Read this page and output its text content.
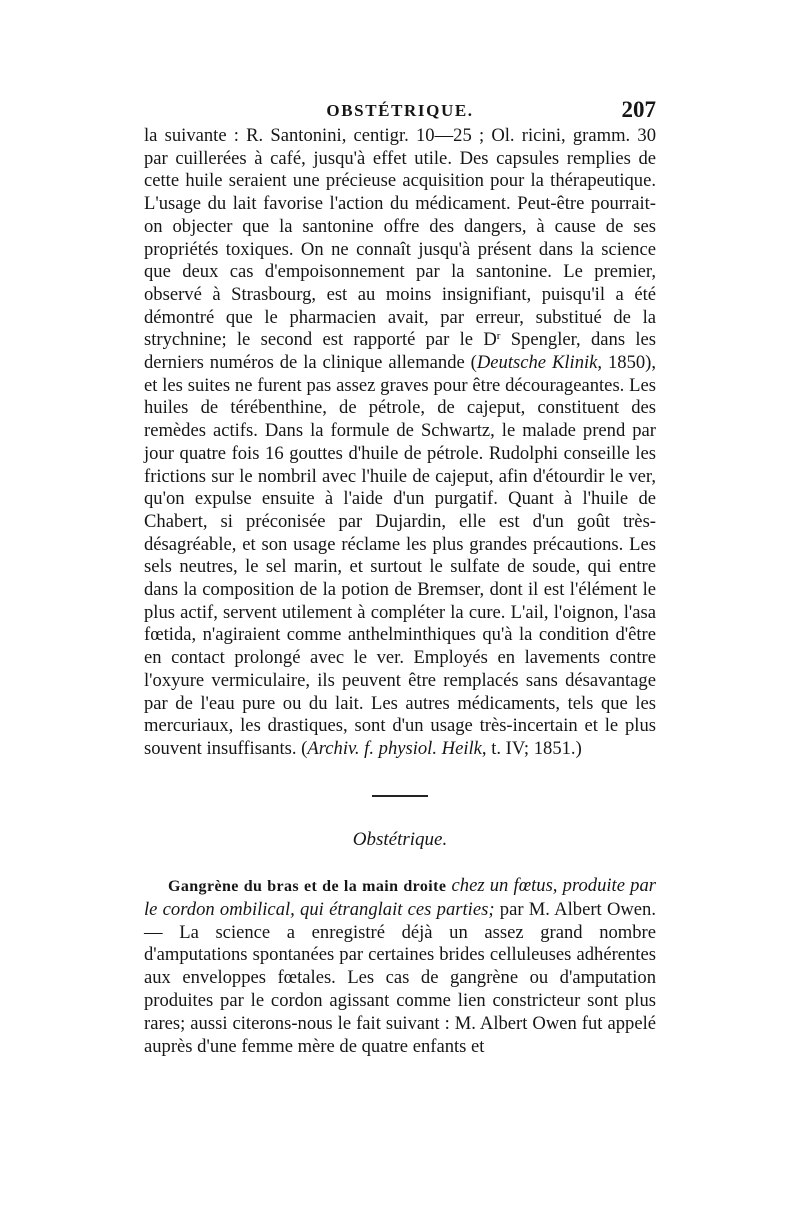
OBSTÉTRIQUE.	207

la suivante : R. Santonini, centigr. 10—25 ; Ol. ricini, gramm. 30 par cuillerées à café, jusqu'à effet utile. Des capsules remplies de cette huile seraient une précieuse acquisition pour la thérapeutique. L'usage du lait favorise l'action du médicament. Peut-être pourrait-on objecter que la santonine offre des dangers, à cause de ses propriétés toxiques. On ne connaît jusqu'à présent dans la science que deux cas d'empoisonnement par la santonine. Le premier, observé à Strasbourg, est au moins insignifiant, puisqu'il a été démontré que le pharmacien avait, par erreur, substitué de la strychnine; le second est rapporté par le $D^r$ Spengler, dans les derniers numéros de la clinique allemande (Deutsche Klinik, 1850), et les suites ne furent pas assez graves pour être décourageantes. Les huiles de térébenthine, de pétrole, de cajeput, constituent des remèdes actifs. Dans la formule de Schwartz, le malade prend par jour quatre fois 16 gouttes d'huile de pétrole. Rudolphi conseille les frictions sur le nombril avec l'huile de cajeput, afin d'étourdir le ver, qu'on expulse ensuite à l'aide d'un purgatif. Quant à l'huile de Chabert, si préconisée par Dujardin, elle est d'un goût très-désagréable, et son usage réclame les plus grandes précautions. Les sels neutres, le sel marin, et surtout le sulfate de soude, qui entre dans la composition de la potion de Bremser, dont il est l'élément le plus actif, servent utilement à compléter la cure. L'ail, l'oignon, l'asa fœtida, n'agiraient comme anthelminthiques qu'à la condition d'être en contact prolongé avec le ver. Employés en lavements contre l'oxyure vermiculaire, ils peuvent être remplacés sans désavantage par de l'eau pure ou du lait. Les autres médicaments, tels que les mercuriaux, les drastiques, sont d'un usage très-incertain et le plus souvent insuffisants. (Archiv. f. physiol. Heilk, t. IV; 1851.)

Obstétrique.

Gangrène du bras et de la main droite chez un fœtus, produite par le cordon ombilical, qui étranglait ces parties; par M. Albert Owen. — La science a enregistré déjà un assez grand nombre d'amputations spontanées par certaines brides celluleuses adhérentes aux enveloppes fœtales. Les cas de gangrène ou d'amputation produites par le cordon agissant comme lien constricteur sont plus rares; aussi citerons-nous le fait suivant : M. Albert Owen fut appelé auprès d'une femme mère de quatre enfants et
